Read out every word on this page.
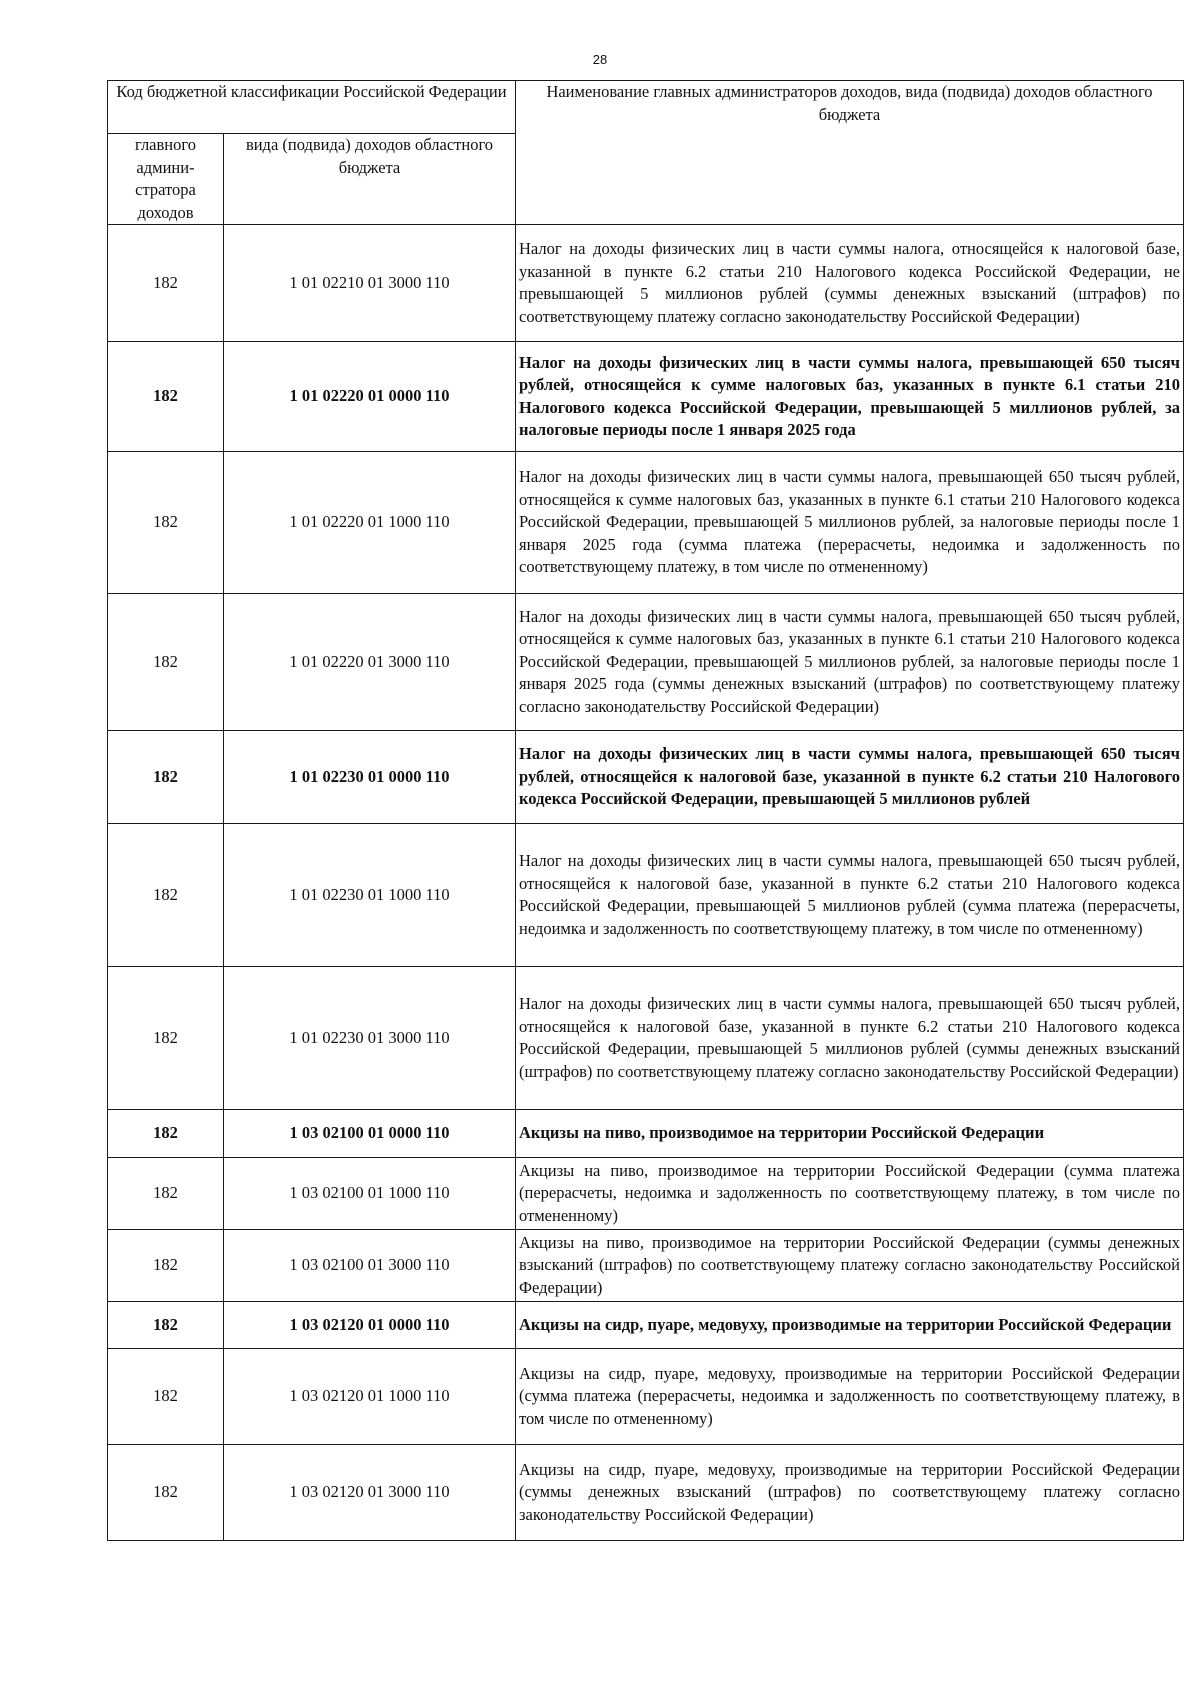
28
Код бюджетной классификации Российской Федерации		Наименование главных администраторов доходов, вида (подвида) доходов областного бюджета
главного админи-стратора доходов	вида (подвида) доходов областного бюджета	
182	1 01 02210 01 3000 110	Налог на доходы физических лиц в части суммы налога, относящейся к налоговой базе, указанной в пункте 6.2 статьи 210 Налогового кодекса Российской Федерации, не превышающей 5 миллионов рублей (суммы денежных взысканий (штрафов) по соответствующему платежу согласно законодательству Российской Федерации)
182	1 01 02220 01 0000 110	Налог на доходы физических лиц в части суммы налога, превышающей 650 тысяч рублей, относящейся к сумме налоговых баз, указанных в пункте 6.1 статьи 210 Налогового кодекса Российской Федерации, превышающей 5 миллионов рублей, за налоговые периоды после 1 января 2025 года
182	1 01 02220 01 1000 110	Налог на доходы физических лиц в части суммы налога, превышающей 650 тысяч рублей, относящейся к сумме налоговых баз, указанных в пункте 6.1 статьи 210 Налогового кодекса Российской Федерации, превышающей 5 миллионов рублей, за налоговые периоды после 1 января 2025 года (сумма платежа (перерасчеты, недоимка и задолженность по соответствующему платежу, в том числе по отмененному)
182	1 01 02220 01 3000 110	Налог на доходы физических лиц в части суммы налога, превышающей 650 тысяч рублей, относящейся к сумме налоговых баз, указанных в пункте 6.1 статьи 210 Налогового кодекса Российской Федерации, превышающей 5 миллионов рублей, за налоговые периоды после 1 января 2025 года (суммы денежных взысканий (штрафов) по соответствующему платежу согласно законодательству Российской Федерации)
182	1 01 02230 01 0000 110	Налог на доходы физических лиц в части суммы налога, превышающей 650 тысяч рублей, относящейся к налоговой базе, указанной в пункте 6.2 статьи 210 Налогового кодекса Российской Федерации, превышающей 5 миллионов рублей
182	1 01 02230 01 1000 110	Налог на доходы физических лиц в части суммы налога, превышающей 650 тысяч рублей, относящейся к налоговой базе, указанной в пункте 6.2 статьи 210 Налогового кодекса Российской Федерации, превышающей 5 миллионов рублей (сумма платежа (перерасчеты, недоимка и задолженность по соответствующему платежу, в том числе по отмененному)
182	1 01 02230 01 3000 110	Налог на доходы физических лиц в части суммы налога, превышающей 650 тысяч рублей, относящейся к налоговой базе, указанной в пункте 6.2 статьи 210 Налогового кодекса Российской Федерации, превышающей 5 миллионов рублей (суммы денежных взысканий (штрафов) по соответствующему платежу согласно законодательству Российской Федерации)
182	1 03 02100 01 0000 110	Акцизы на пиво, производимое на территории Российской Федерации
182	1 03 02100 01 1000 110	Акцизы на пиво, производимое на территории Российской Федерации (сумма платежа (перерасчеты, недоимка и задолженность по соответствующему платежу, в том числе по отмененному)
182	1 03 02100 01 3000 110	Акцизы на пиво, производимое на территории Российской Федерации (суммы денежных взысканий (штрафов) по соответствующему платежу согласно законодательству Российской Федерации)
182	1 03 02120 01 0000 110	Акцизы на сидр, пуаре, медовуху, производимые на территории Российской Федерации
182	1 03 02120 01 1000 110	Акцизы на сидр, пуаре, медовуху, производимые на территории Российской Федерации (сумма платежа (перерасчеты, недоимка и задолженность по соответствующему платежу, в том числе по отмененному)
182	1 03 02120 01 3000 110	Акцизы на сидр, пуаре, медовуху, производимые на территории Российской Федерации (суммы денежных взысканий (штрафов) по соответствующему платежу согласно законодательству Российской Федерации)
